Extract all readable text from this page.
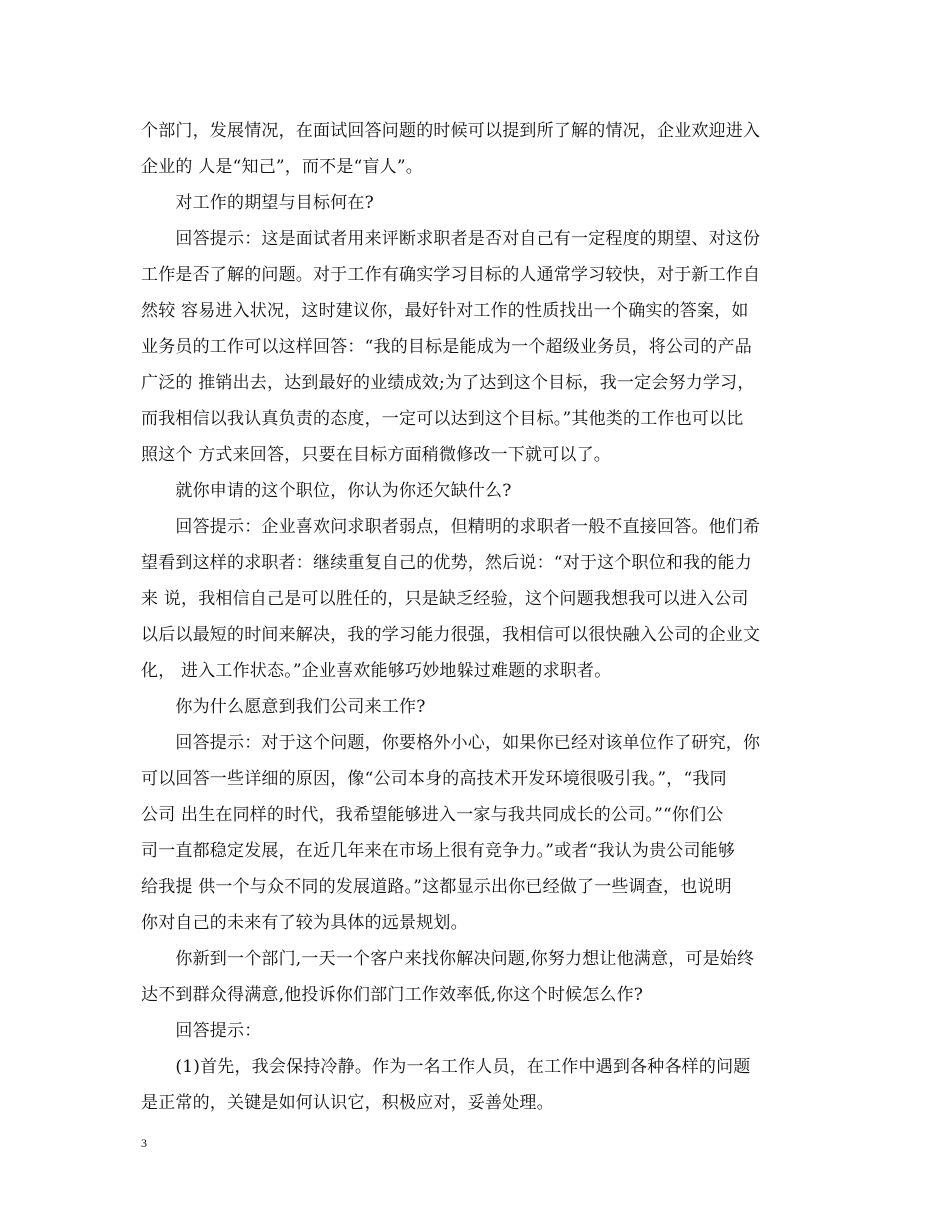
个部门，发展情况，在面试回答问题的时候可以提到所了解的情况，企业欢迎进入
企业的 人是“知己”，而不是“盲人”。
　　对工作的期望与目标何在?
　　回答提示：这是面试者用来评断求职者是否对自己有一定程度的期望、对这份
工作是否了解的问题。对于工作有确实学习目标的人通常学习较快，对于新工作自
然较 容易进入状况，这时建议你，最好针对工作的性质找出一个确实的答案，如
业务员的工作可以这样回答：“我的目标是能成为一个超级业务员，将公司的产品
广泛的 推销出去，达到最好的业绩成效;为了达到这个目标，我一定会努力学习，
而我相信以我认真负责的态度，一定可以达到这个目标。”其他类的工作也可以比
照这个 方式来回答，只要在目标方面稍微修改一下就可以了。
　　就你申请的这个职位，你认为你还欠缺什么?
　　回答提示：企业喜欢问求职者弱点，但精明的求职者一般不直接回答。他们希
望看到这样的求职者：继续重复自己的优势，然后说：“对于这个职位和我的能力
来 说，我相信自己是可以胜任的，只是缺乏经验，这个问题我想我可以进入公司
以后以最短的时间来解决，我的学习能力很强，我相信可以很快融入公司的企业文
化， 进入工作状态。”企业喜欢能够巧妙地躲过难题的求职者。
　　你为什么愿意到我们公司来工作?
　　回答提示：对于这个问题，你要格外小心，如果你已经对该单位作了研究，你
可以回答一些详细的原因，像“公司本身的高技术开发环境很吸引我。”，“我同
公司 出生在同样的时代，我希望能够进入一家与我共同成长的公司。”“你们公
司一直都稳定发展，在近几年来在市场上很有竞争力。”或者“我认为贵公司能够
给我提 供一个与众不同的发展道路。”这都显示出你已经做了一些调查，也说明
你对自己的未来有了较为具体的远景规划。
　　你新到一个部门,一天一个客户来找你解决问题,你努力想让他满意，可是始终
达不到群众得满意,他投诉你们部门工作效率低,你这个时候怎么作?
　　回答提示：
　　(1)首先，我会保持冷静。作为一名工作人员，在工作中遇到各种各样的问题
是正常的，关键是如何认识它，积极应对，妥善处理。
3
